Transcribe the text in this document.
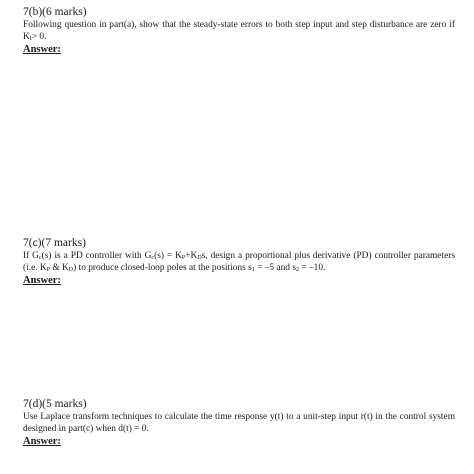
7(b)(6 marks)

Following question in part(a), show that the steady-state errors to both step input and step disturbance are zero if $K_I> 0$.

Answer:
7(c)(7 marks)

If $G_c(s)$ is a PD controller with $G_c(s) = K_P+K_Ds$, design a proportional plus derivative (PD) controller parameters (i.e. $K_P$ & $K_D$) to produce closed-loop poles at the positions $s_1 = -5$ and $s_2 = -10$.

Answer:
7(d)(5 marks)

Use Laplace transform techniques to calculate the time response y(t) to a unit-step input r(t) in the control system designed in part(c) when d(t) = 0.

Answer:
